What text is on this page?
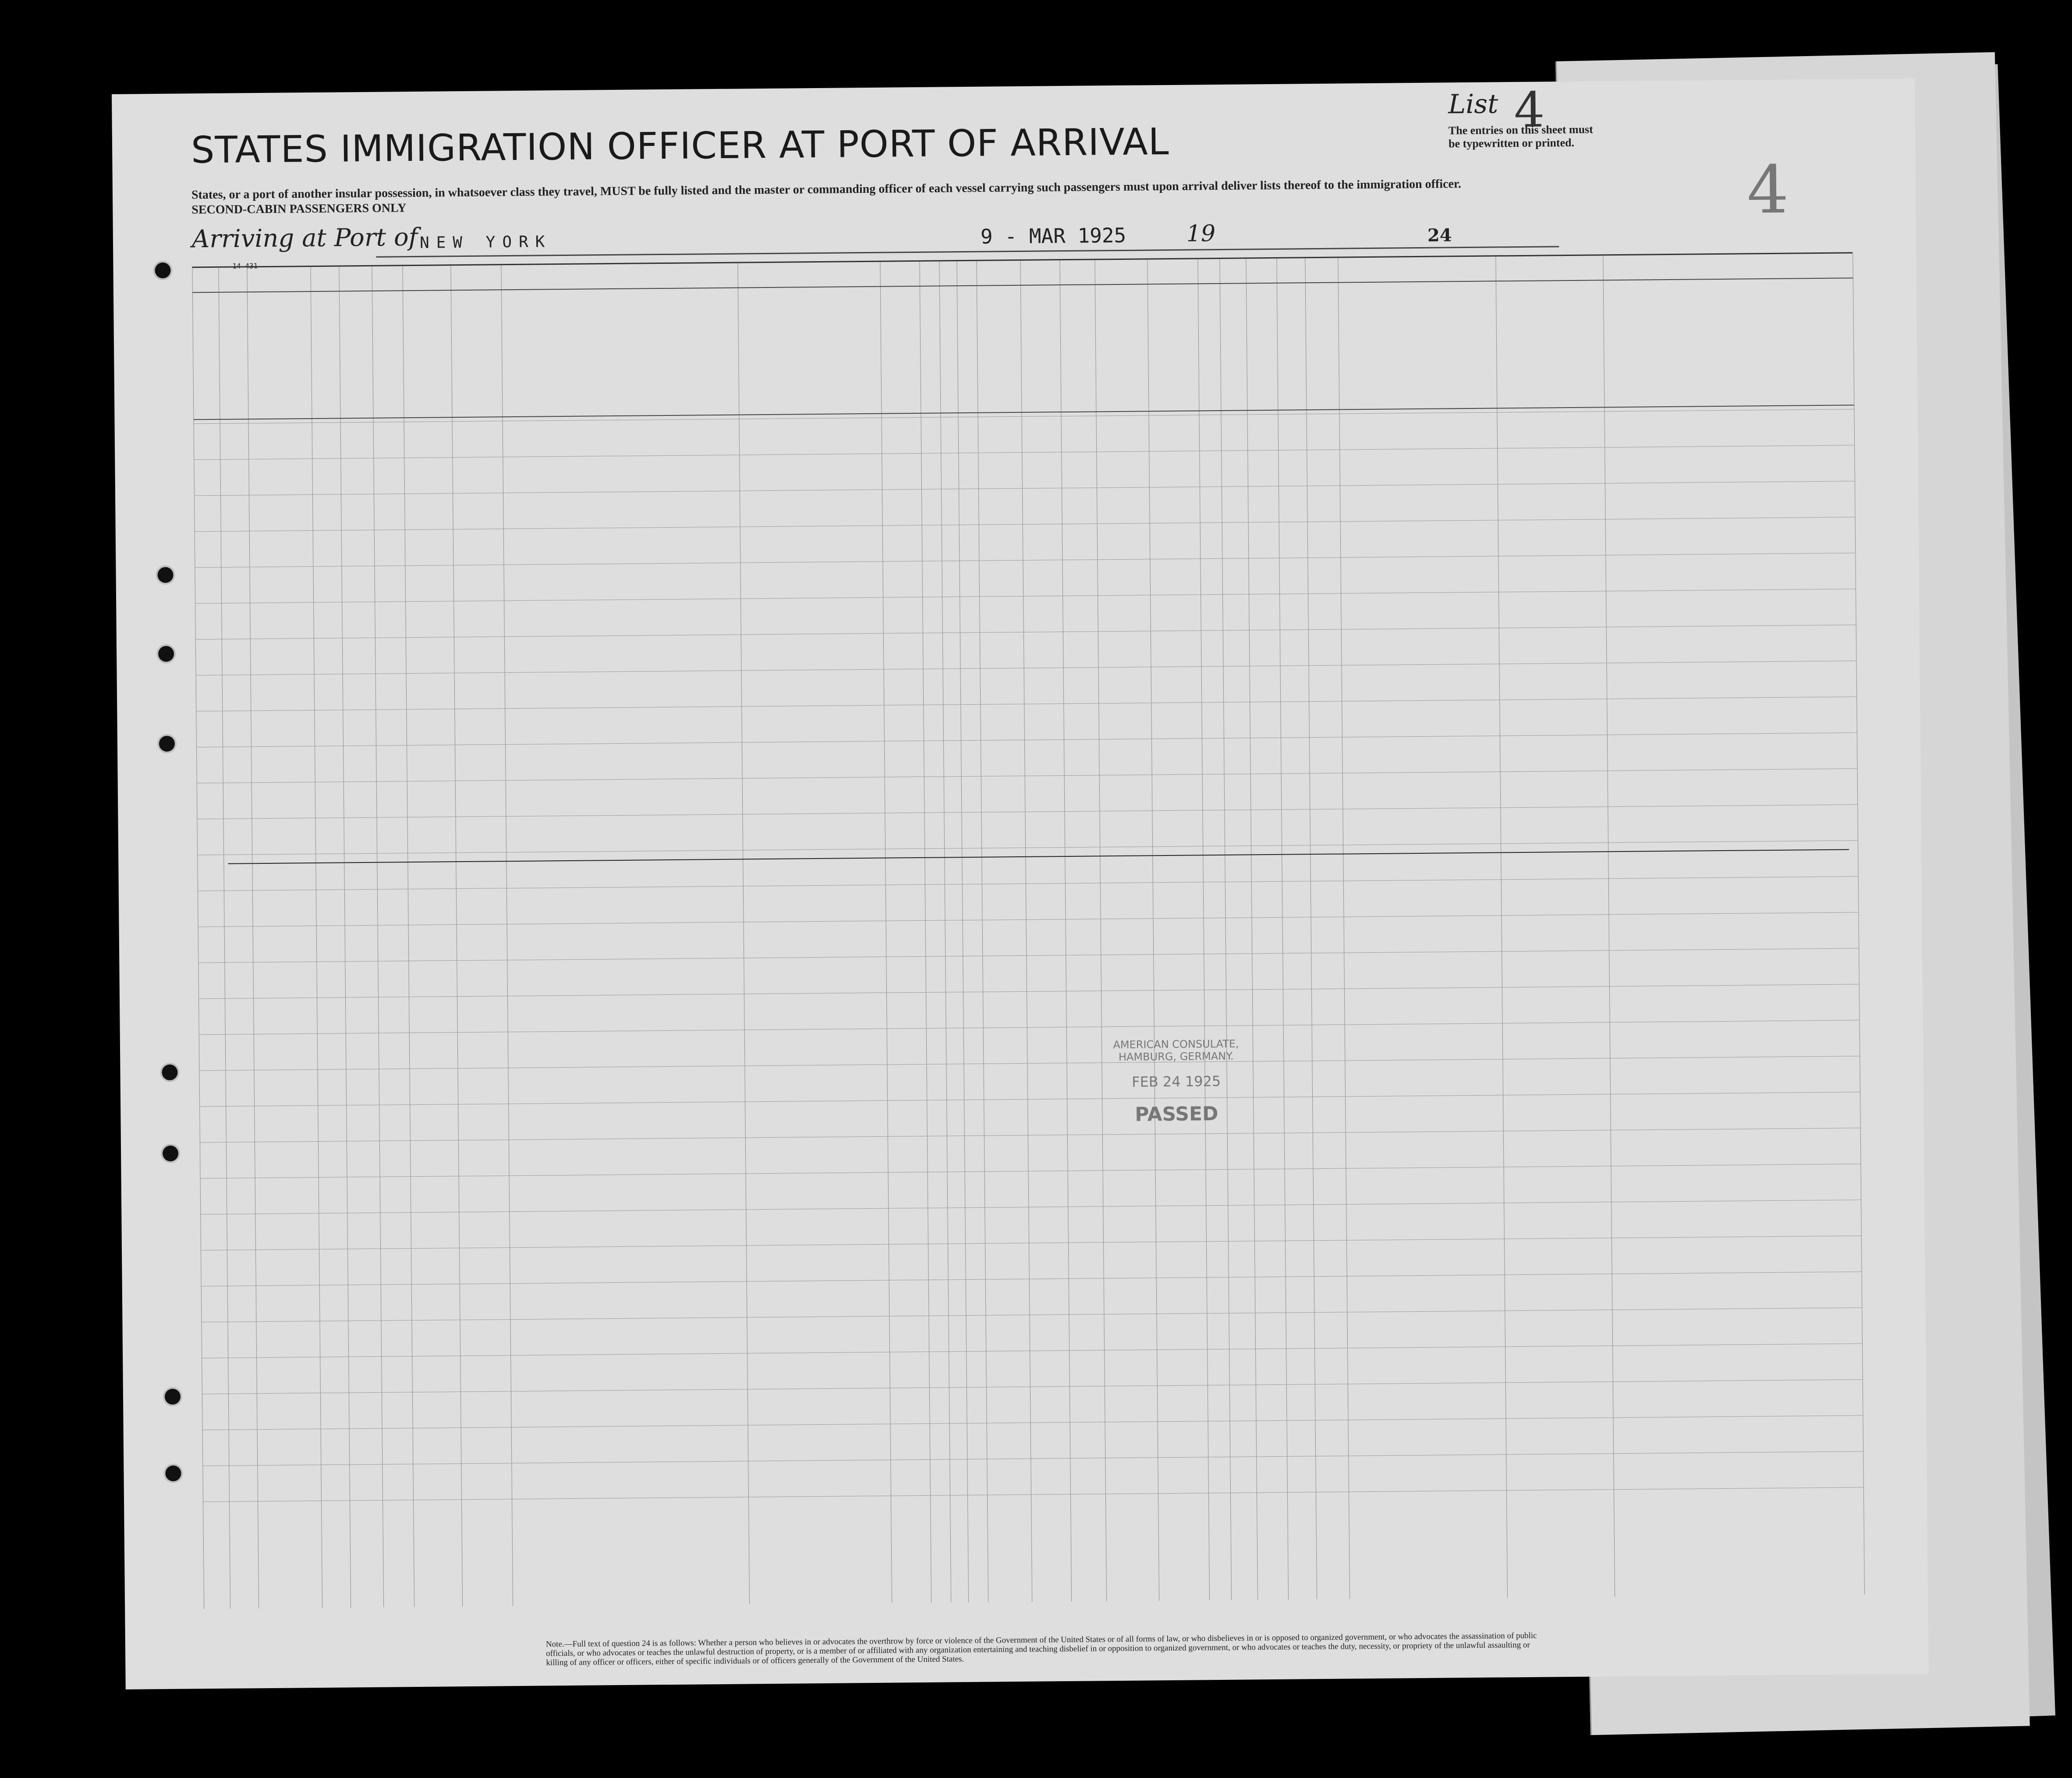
STATES IMMIGRATION OFFICER AT PORT OF ARRIVAL
States, or a port of another insular possession, in whatsoever class they travel, MUST be fully listed and the master or commanding officer of each vessel carrying such passengers must upon arrival deliver lists thereof to the immigration officer.
SECOND-CABIN PASSENGERS ONLY
Arriving at Port of NEW YORK	9 - MAR 1925	19	24
14-431
List 4
The entries on this sheet must be typewritten or printed.
4
AMERICAN CONSULATE,
HAMBURG, GERMANY.
FEB 24 1925
PASSED
Note.—Full text of question 24 is as follows: Whether a person who believes in or advocates the overthrow by force or violence of the Government of the United States or of all forms of law, or who disbelieves in or is opposed to organized government, or who advocates the assassination of public officials, or who advocates or teaches the unlawful destruction of property, or is a member of or affiliated with any organization entertaining and teaching disbelief in or opposition to organized government, or who advocates or teaches the duty, necessity, or propriety of the unlawful assaulting or killing of any officer or officers, either of specific individuals or of officers generally of the Government of the United States.
